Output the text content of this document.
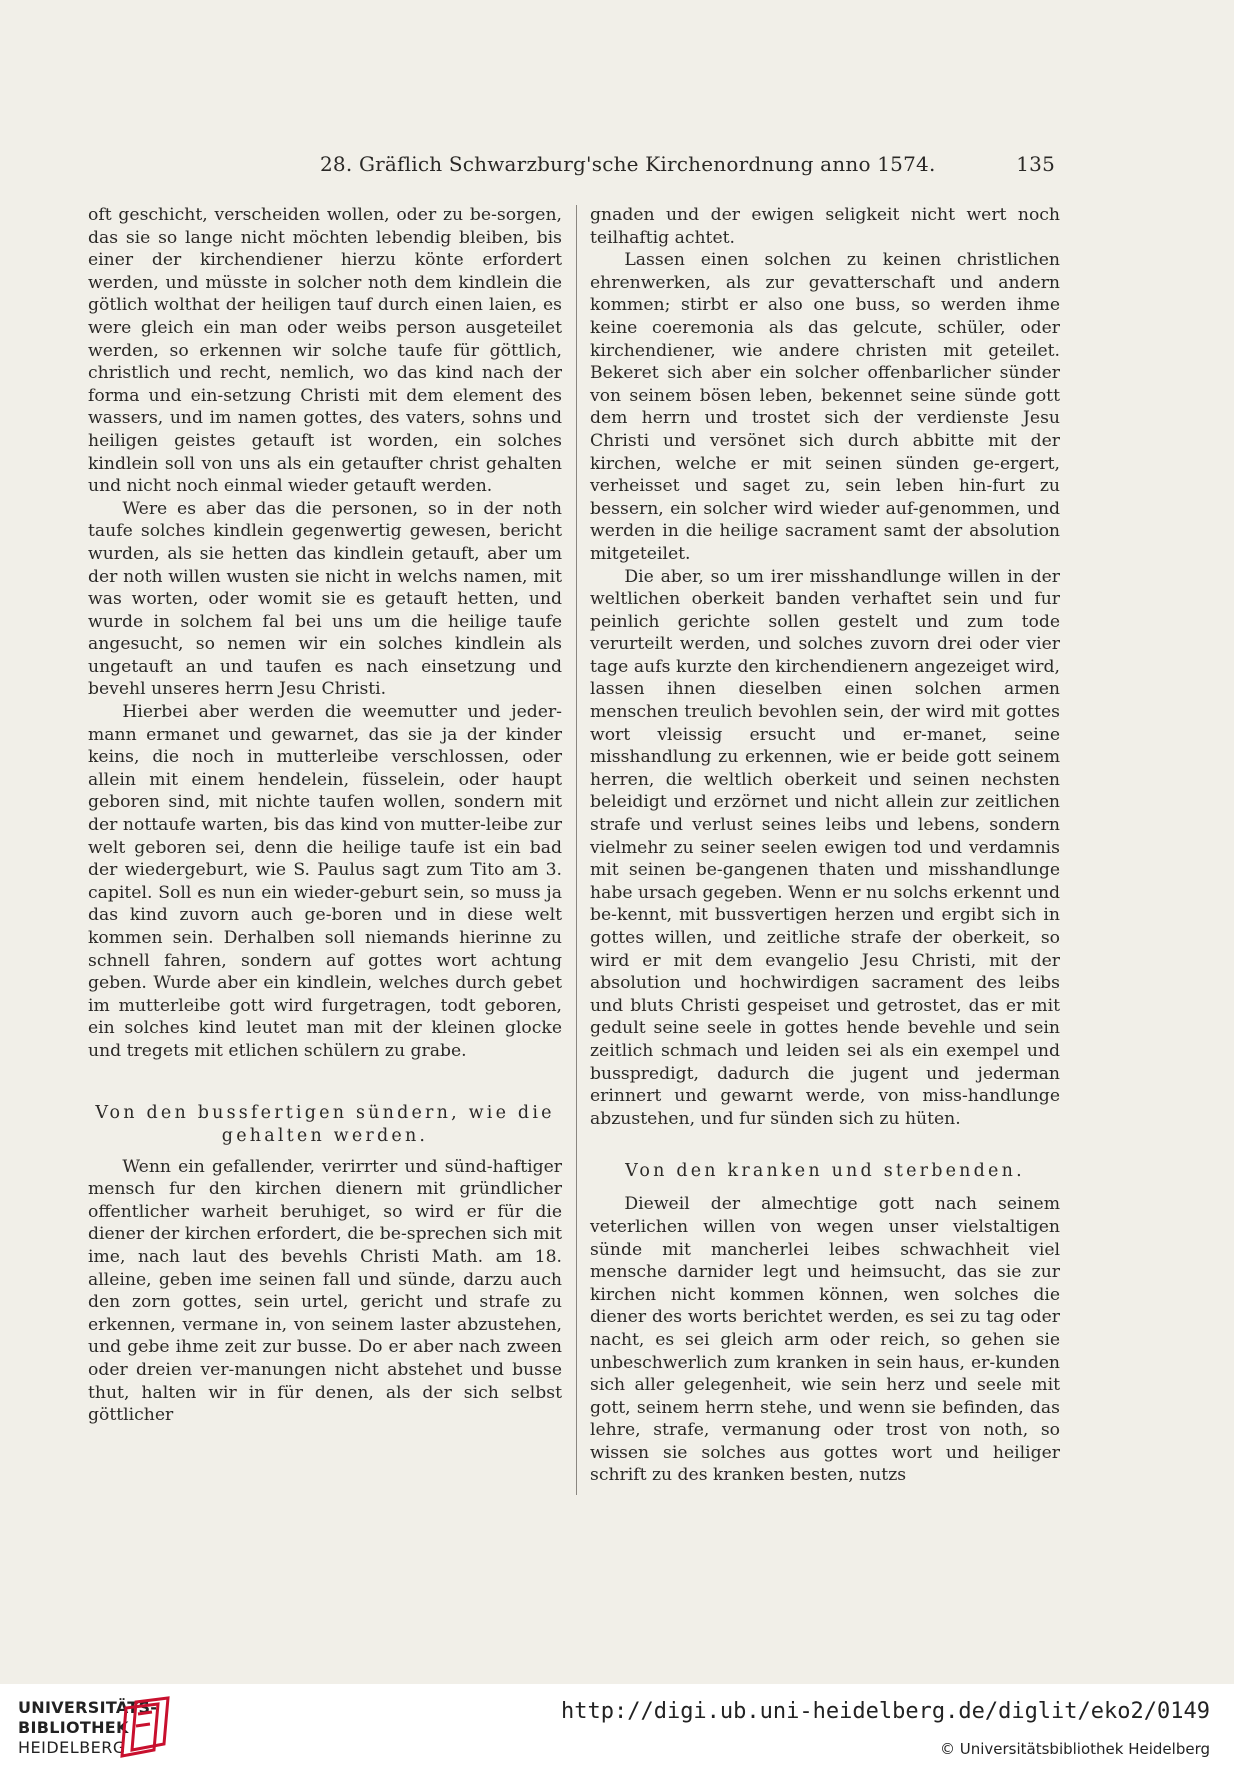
28. Gräflich Schwarzburg'sche Kirchenordnung anno 1574.	135

oft geschicht, verscheiden wollen, oder zu be-sorgen, das sie so lange nicht möchten lebendig bleiben, bis einer der kirchendiener hierzu könte erfordert werden, und müsste in solcher noth dem kindlein die götlich wolthat der heiligen tauf durch einen laien, es were gleich ein man oder weibs person ausgeteilet werden, so erkennen wir solche taufe für göttlich, christlich und recht, nemlich, wo das kind nach der forma und ein-setzung Christi mit dem element des wassers, und im namen gottes, des vaters, sohns und heiligen geistes getauft ist worden, ein solches kindlein soll von uns als ein getaufter christ gehalten und nicht noch einmal wieder getauft werden.

Were es aber das die personen, so in der noth taufe solches kindlein gegenwertig gewesen, bericht wurden, als sie hetten das kindlein getauft, aber um der noth willen wusten sie nicht in welchs namen, mit was worten, oder womit sie es getauft hetten, und wurde in solchem fal bei uns um die heilige taufe angesucht, so nemen wir ein solches kindlein als ungetauft an und taufen es nach einsetzung und bevehl unseres herrn Jesu Christi.

Hierbei aber werden die weemutter und jeder-mann ermanet und gewarnet, das sie ja der kinder keins, die noch in mutterleibe verschlossen, oder allein mit einem hendelein, füsselein, oder haupt geboren sind, mit nichte taufen wollen, sondern mit der nottaufe warten, bis das kind von mutter-leibe zur welt geboren sei, denn die heilige taufe ist ein bad der wiedergeburt, wie S. Paulus sagt zum Tito am 3. capitel. Soll es nun ein wieder-geburt sein, so muss ja das kind zuvorn auch ge-boren und in diese welt kommen sein. Derhalben soll niemands hierinne zu schnell fahren, sondern auf gottes wort achtung geben. Wurde aber ein kindlein, welches durch gebet im mutterleibe gott wird furgetragen, todt geboren, ein solches kind leutet man mit der kleinen glocke und tregets mit etlichen schülern zu grabe.

Von den bussfertigen sündern, wie die gehalten werden.

Wenn ein gefallender, verirrter und sünd-haftiger mensch fur den kirchen dienern mit gründlicher offentlicher warheit beruhiget, so wird er für die diener der kirchen erfordert, die be-sprechen sich mit ime, nach laut des bevehls Christi Math. am 18. alleine, geben ime seinen fall und sünde, darzu auch den zorn gottes, sein urtel, gericht und strafe zu erkennen, vermane in, von seinem laster abzustehen, und gebe ihme zeit zur busse. Do er aber nach zween oder dreien ver-manungen nicht abstehet und busse thut, halten wir in für denen, als der sich selbst göttlicher

gnaden und der ewigen seligkeit nicht wert noch teilhaftig achtet.

Lassen einen solchen zu keinen christlichen ehrenwerken, als zur gevatterschaft und andern kommen; stirbt er also one buss, so werden ihme keine coeremonia als das gelcute, schüler, oder kirchendiener, wie andere christen mit geteilet. Bekeret sich aber ein solcher offenbarlicher sünder von seinem bösen leben, bekennet seine sünde gott dem herrn und trostet sich der verdienste Jesu Christi und versönet sich durch abbitte mit der kirchen, welche er mit seinen sünden ge-ergert, verheisset und saget zu, sein leben hin-furt zu bessern, ein solcher wird wieder auf-genommen, und werden in die heilige sacrament samt der absolution mitgeteilet.

Die aber, so um irer misshandlunge willen in der weltlichen oberkeit banden verhaftet sein und fur peinlich gerichte sollen gestelt und zum tode verurteilt werden, und solches zuvorn drei oder vier tage aufs kurzte den kirchendienern angezeiget wird, lassen ihnen dieselben einen solchen armen menschen treulich bevohlen sein, der wird mit gottes wort vleissig ersucht und er-manet, seine misshandlung zu erkennen, wie er beide gott seinem herren, die weltlich oberkeit und seinen nechsten beleidigt und erzörnet und nicht allein zur zeitlichen strafe und verlust seines leibs und lebens, sondern vielmehr zu seiner seelen ewigen tod und verdamnis mit seinen be-gangenen thaten und misshandlunge habe ursach gegeben. Wenn er nu solchs erkennt und be-kennt, mit bussvertigen herzen und ergibt sich in gottes willen, und zeitliche strafe der oberkeit, so wird er mit dem evangelio Jesu Christi, mit der absolution und hochwirdigen sacrament des leibs und bluts Christi gespeiset und getrostet, das er mit gedult seine seele in gottes hende bevehle und sein zeitlich schmach und leiden sei als ein exempel und busspredigt, dadurch die jugent und jederman erinnert und gewarnt werde, von miss-handlunge abzustehen, und fur sünden sich zu hüten.

Von den kranken und sterbenden.

Dieweil der almechtige gott nach seinem veterlichen willen von wegen unser vielstaltigen sünde mit mancherlei leibes schwachheit viel mensche darnider legt und heimsucht, das sie zur kirchen nicht kommen können, wen solches die diener des worts berichtet werden, es sei zu tag oder nacht, es sei gleich arm oder reich, so gehen sie unbeschwerlich zum kranken in sein haus, er-kunden sich aller gelegenheit, wie sein herz und seele mit gott, seinem herrn stehe, und wenn sie befinden, das lehre, strafe, vermanung oder trost von noth, so wissen sie solches aus gottes wort und heiliger schrift zu des kranken besten, nutzs

UNIVERSITÄTS-
BIBLIOTHEK
HEIDELBERG
http://digi.ub.uni-heidelberg.de/diglit/eko2/0149
© Universitätsbibliothek Heidelberg
